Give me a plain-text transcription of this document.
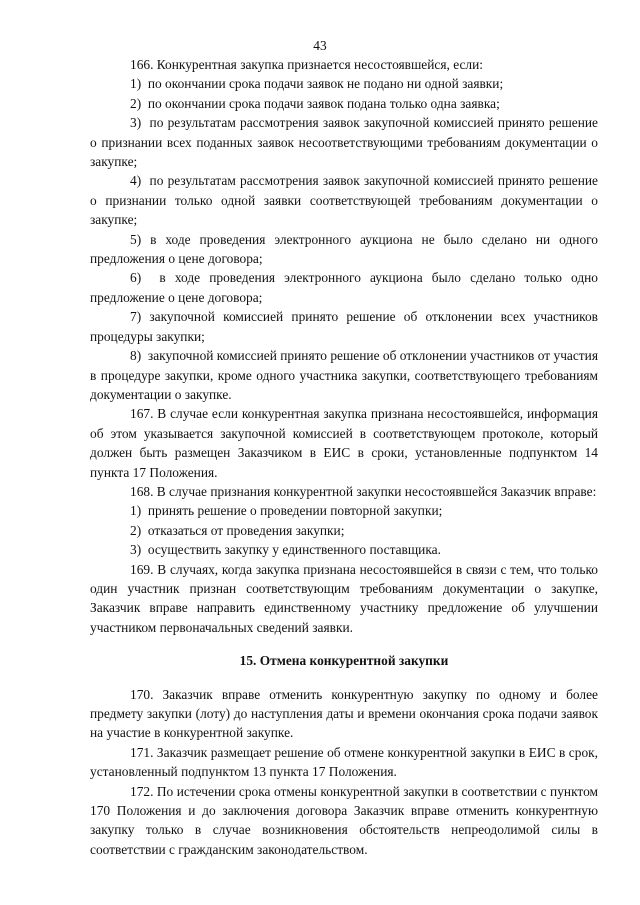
43

166. Конкурентная закупка признается несостоявшейся, если:

1)  по окончании срока подачи заявок не подано ни одной заявки;

2)  по окончании срока подачи заявок подана только одна заявка;

3)  по результатам рассмотрения заявок закупочной комиссией принято решение о признании всех поданных заявок несоответствующими требованиям документации о закупке;

4)  по результатам рассмотрения заявок закупочной комиссией принято решение о признании только одной заявки соответствующей требованиям документации о закупке;

5) в ходе проведения электронного аукциона не было сделано ни одного предложения о цене договора;

6)  в ходе проведения электронного аукциона было сделано только одно предложение о цене договора;

7) закупочной комиссией принято решение об отклонении всех участников процедуры закупки;

8)  закупочной комиссией принято решение об отклонении участников от участия в процедуре закупки, кроме одного участника закупки, соответствующего требованиям документации о закупке.

167. В случае если конкурентная закупка признана несостоявшейся, информация об этом указывается закупочной комиссией в соответствующем протоколе, который должен быть размещен Заказчиком в ЕИС в сроки, установленные подпунктом 14 пункта 17 Положения.

168. В случае признания конкурентной закупки несостоявшейся Заказчик вправе:

1)  принять решение о проведении повторной закупки;

2)  отказаться от проведения закупки;

3)  осуществить закупку у единственного поставщика.

169. В случаях, когда закупка признана несостоявшейся в связи с тем, что только один участник признан соответствующим требованиям документации о закупке, Заказчик вправе направить единственному участнику предложение об улучшении участником первоначальных сведений заявки.

15. Отмена конкурентной закупки

170. Заказчик вправе отменить конкурентную закупку по одному и более предмету закупки (лоту) до наступления даты и времени окончания срока подачи заявок на участие в конкурентной закупке.

171. Заказчик размещает решение об отмене конкурентной закупки в ЕИС в срок, установленный подпунктом 13 пункта 17 Положения.

172. По истечении срока отмены конкурентной закупки в соответствии с пунктом 170 Положения и до заключения договора Заказчик вправе отменить конкурентную закупку только в случае возникновения обстоятельств непреодолимой силы в соответствии с гражданским законодательством.
